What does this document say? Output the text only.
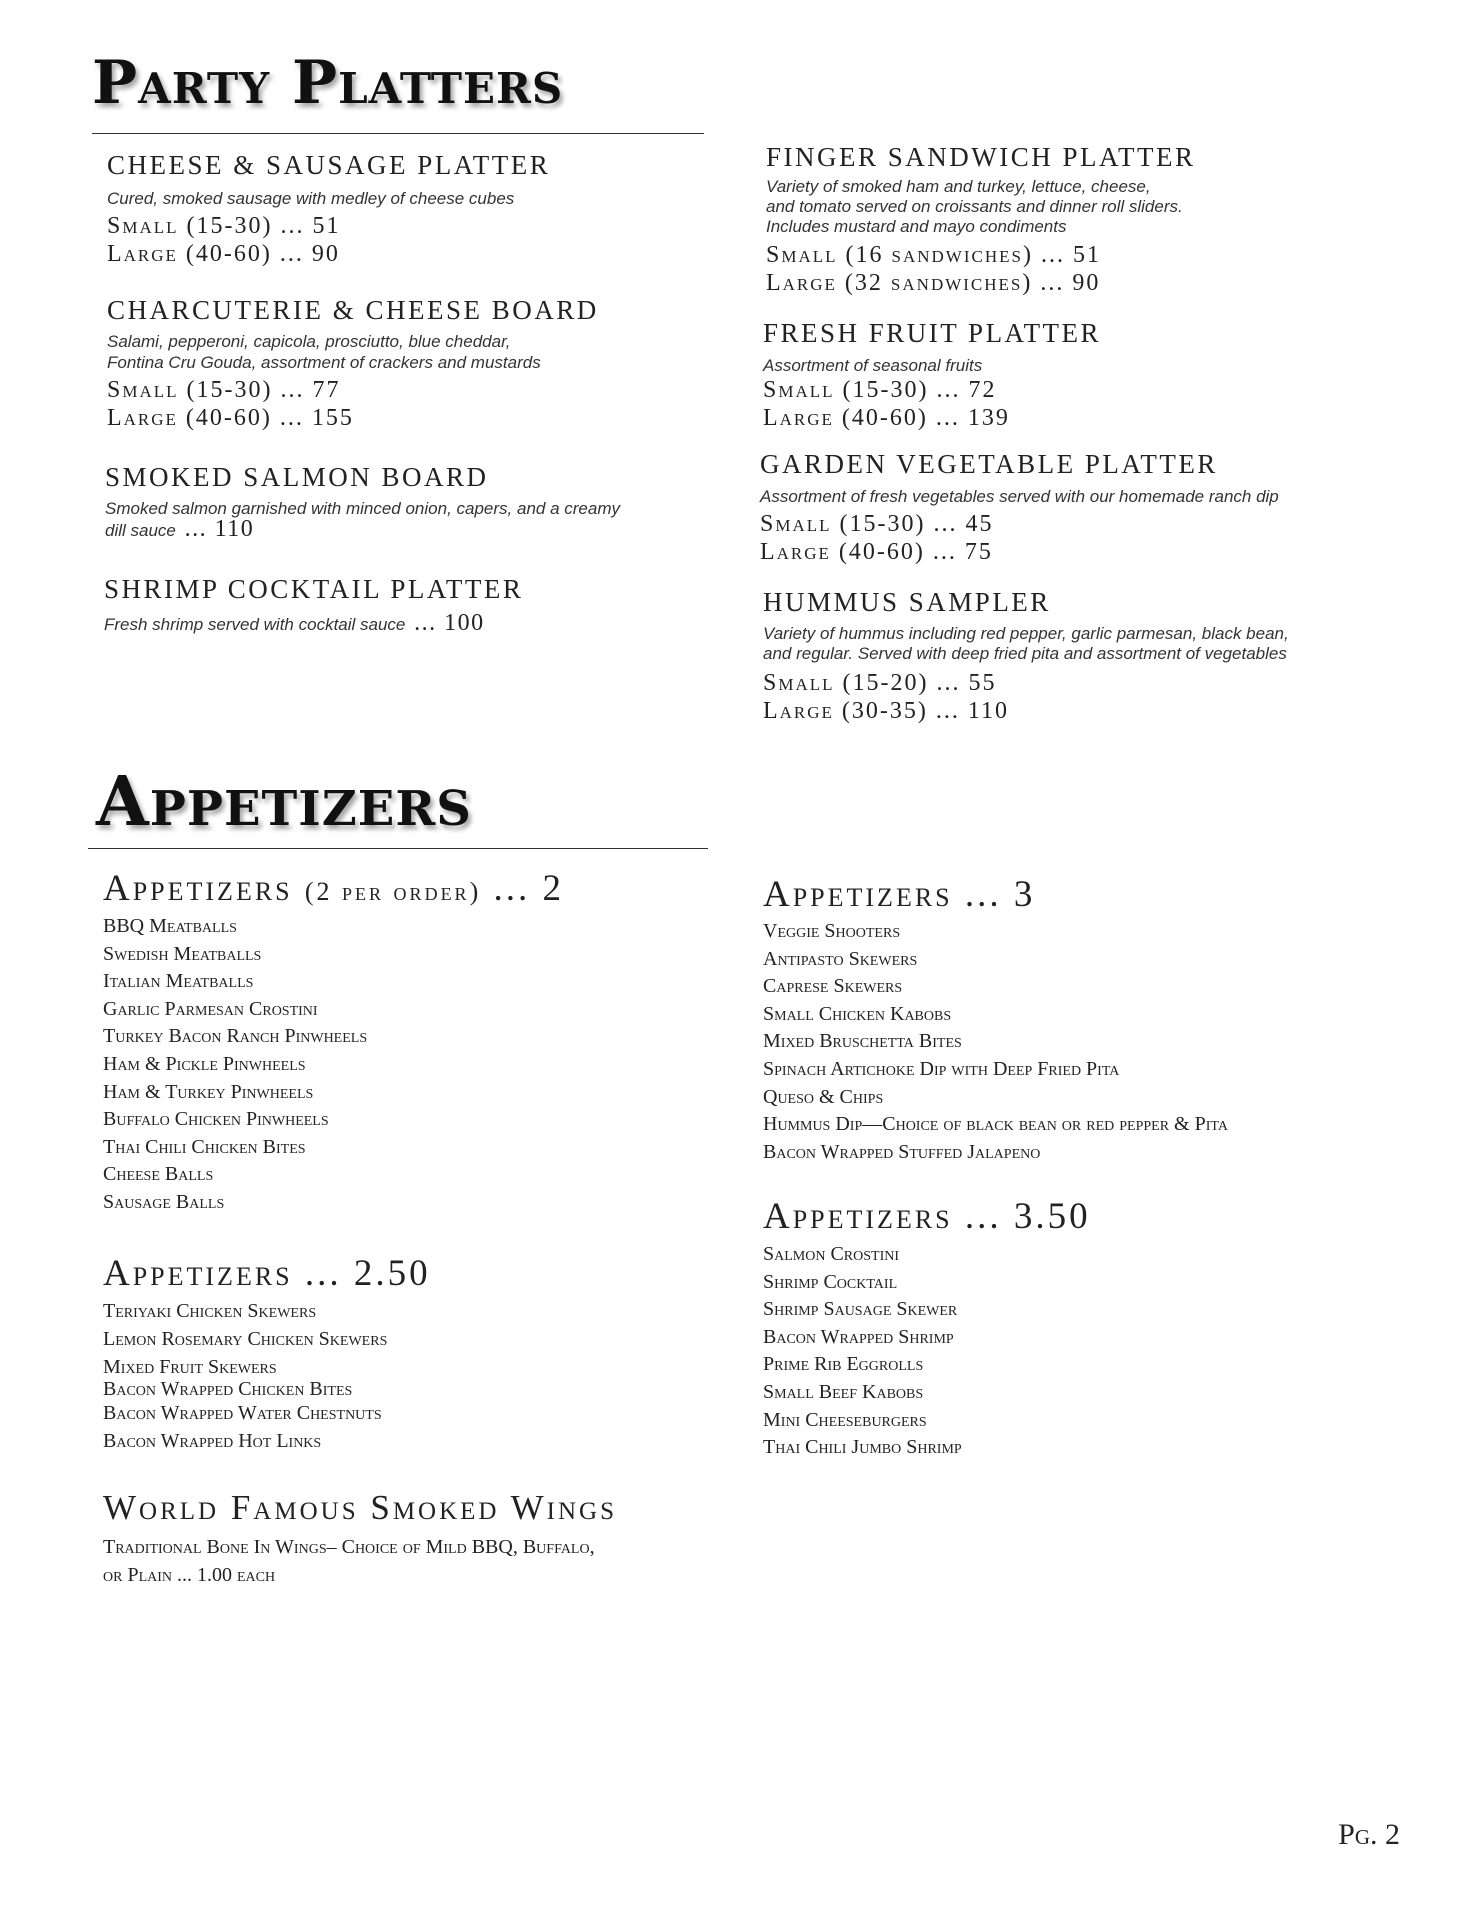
Party Platters
CHEESE & SAUSAGE PLATTER
Cured, smoked sausage with medley of cheese cubes
Small (15-30) ... 51
Large (40-60) ... 90
CHARCUTERIE & CHEESE BOARD
Salami, pepperoni, capicola, prosciutto, blue cheddar,
Fontina Cru Gouda, assortment of crackers and mustards
Small (15-30) ... 77
Large (40-60) ... 155
SMOKED SALMON BOARD
Smoked salmon garnished with minced onion, capers, and a creamy
dill sauce ... 110
SHRIMP COCKTAIL PLATTER
Fresh shrimp served with cocktail sauce ... 100
FINGER SANDWICH PLATTER
Variety of smoked ham and turkey, lettuce, cheese,
and tomato served on croissants and dinner roll sliders.
Includes mustard and mayo condiments
Small (16 sandwiches) ... 51
Large (32 sandwiches) ... 90
FRESH FRUIT PLATTER
Assortment of seasonal fruits
Small (15-30) ... 72
Large (40-60) ... 139
GARDEN VEGETABLE PLATTER
Assortment of fresh vegetables served with our homemade ranch dip
Small (15-30) ... 45
Large (40-60) ... 75
HUMMUS SAMPLER
Variety of hummus including red pepper, garlic parmesan, black bean,
and regular. Served with deep fried pita and assortment of vegetables
Small (15-20) ... 55
Large (30-35) ... 110
Appetizers
Appetizers (2 per order) ... 2
BBQ Meatballs
Swedish Meatballs
Italian Meatballs
Garlic Parmesan Crostini
Turkey Bacon Ranch Pinwheels
Ham & Pickle Pinwheels
Ham & Turkey Pinwheels
Buffalo Chicken Pinwheels
Thai Chili Chicken Bites
Cheese Balls
Sausage Balls
Appetizers ... 2.50
Teriyaki Chicken Skewers
Lemon Rosemary Chicken Skewers
Mixed Fruit Skewers
Bacon Wrapped Chicken Bites
Bacon Wrapped Water Chestnuts
Bacon Wrapped Hot Links
World Famous Smoked Wings
Traditional Bone In Wings– Choice of Mild BBQ, Buffalo,
or Plain ... 1.00 each
Appetizers ... 3
Veggie Shooters
Antipasto Skewers
Caprese Skewers
Small Chicken Kabobs
Mixed Bruschetta Bites
Spinach Artichoke Dip with Deep Fried Pita
Queso & Chips
Hummus Dip—Choice of black bean or red pepper & Pita
Bacon Wrapped Stuffed Jalapeno
Appetizers ... 3.50
Salmon Crostini
Shrimp Cocktail
Shrimp Sausage Skewer
Bacon Wrapped Shrimp
Prime Rib Eggrolls
Small Beef Kabobs
Mini Cheeseburgers
Thai Chili Jumbo Shrimp
Pg. 2
